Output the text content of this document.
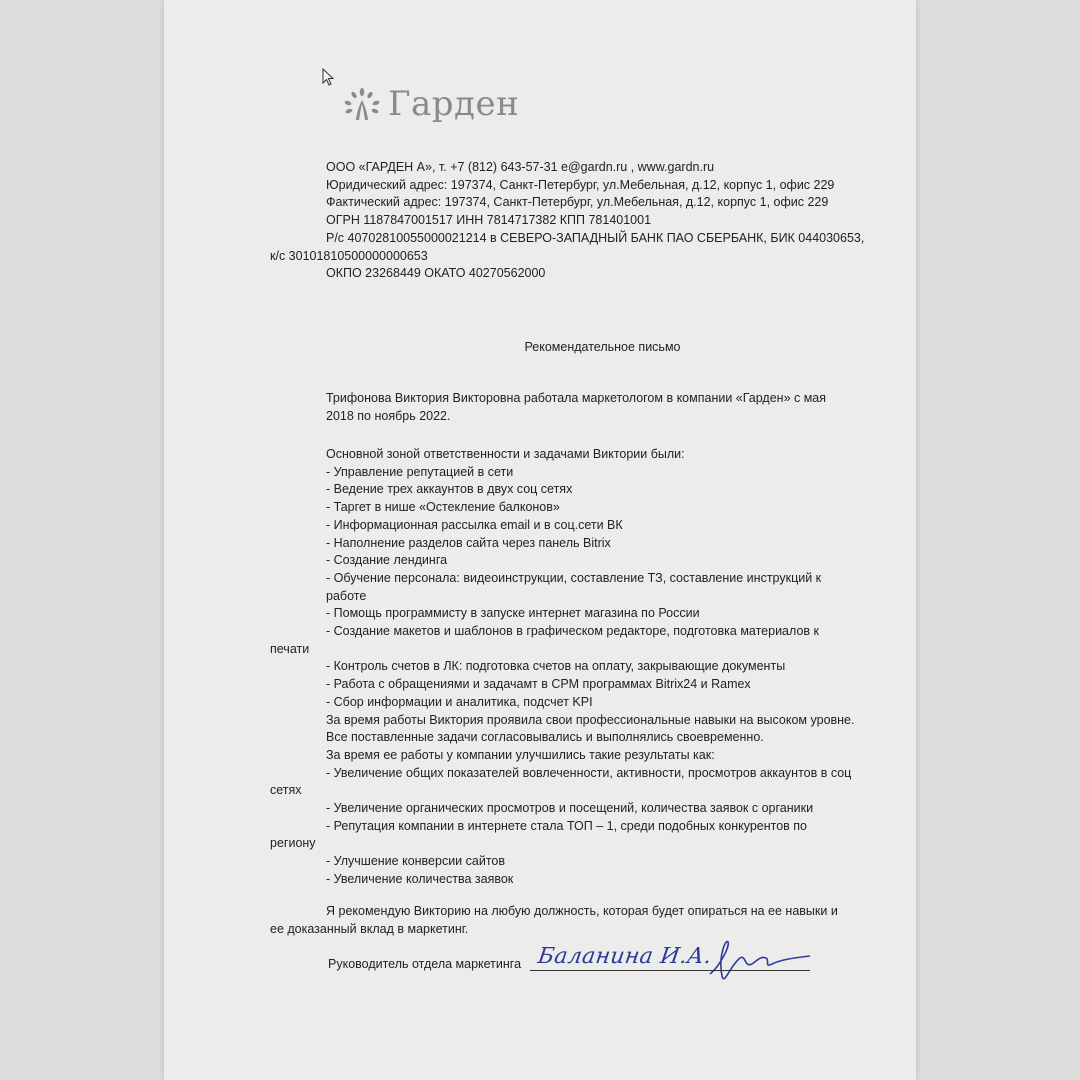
Гарден
ООО «ГАРДЕН А», т. +7 (812) 643-57-31 e@gardn.ru , www.gardn.ru
Юридический адрес: 197374, Санкт-Петербург, ул.Мебельная, д.12, корпус 1, офис 229
Фактический адрес: 197374, Санкт-Петербург, ул.Мебельная, д.12, корпус 1, офис 229
ОГРН 1187847001517 ИНН 7814717382 КПП 781401001
Р/с 40702810055000021214 в СЕВЕРО-ЗАПАДНЫЙ БАНК ПАО СБЕРБАНК, БИК 044030653,
к/с 30101810500000000653
ОКПО 23268449 ОКАТО 40270562000
Рекомендательное письмо
Трифонова Виктория Викторовна работала маркетологом в компании «Гарден» с мая
2018 по ноябрь 2022.
Основной зоной ответственности и задачами Виктории были:
- Управление репутацией в сети
- Ведение трех аккаунтов в двух соц сетях
- Таргет в нише «Остекление балконов»
- Информационная рассылка email и в соц.сети ВК
- Наполнение разделов сайта через панель Bitrix
- Создание лендинга
- Обучение персонала: видеоинструкции, составление ТЗ, составление инструкций к
работе
- Помощь программисту в запуске интернет магазина по России
- Создание макетов и шаблонов в графическом редакторе, подготовка материалов к
печати
- Контроль счетов в ЛК: подготовка счетов на оплату, закрывающие документы
- Работа с обращениями и задачамт в СРМ программах Bitrix24 и Ramex
- Сбор информации и аналитика, подсчет KPI
За время работы Виктория проявила свои профессиональные навыки на высоком уровне.
Все поставленные задачи согласовывались и выполнялись своевременно.
За время ее работы у компании улучшились такие результаты как:
- Увеличение общих показателей вовлеченности, активности, просмотров аккаунтов в соц
сетях
- Увеличение органических просмотров и посещений, количества заявок с органики
- Репутация компании в интернете стала ТОП – 1, среди подобных конкурентов по
региону
- Улучшение конверсии сайтов
- Увеличение количества заявок
Я рекомендую Викторию на любую должность, которая будет опираться на ее навыки и
ее доказанный вклад в маркетинг.
Руководитель отдела маркетинга Баланина И.А.
